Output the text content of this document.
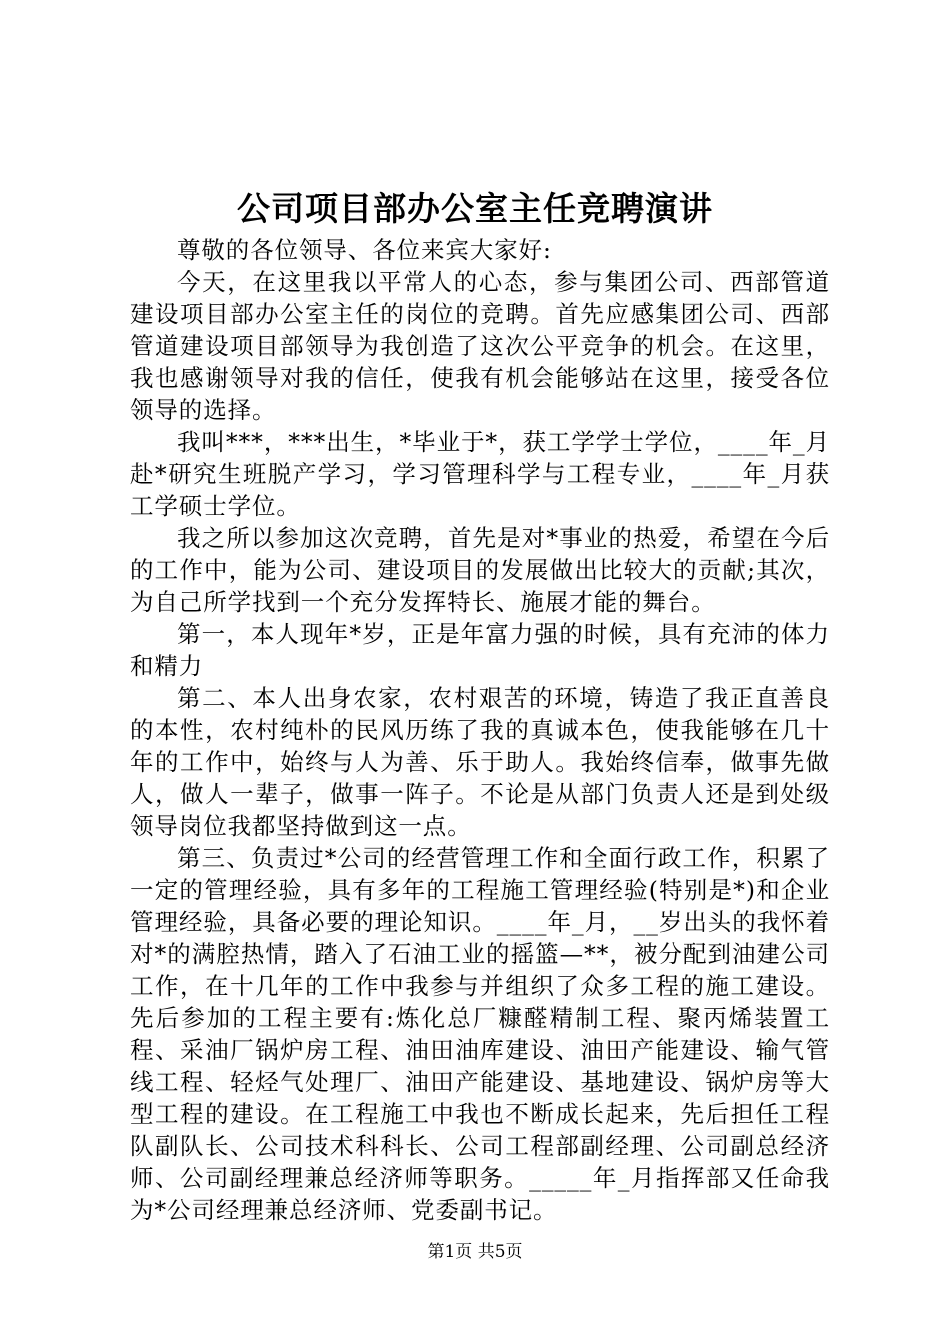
公司项目部办公室主任竞聘演讲

尊敬的各位领导、各位来宾大家好:

今天，在这里我以平常人的心态，参与集团公司、西部管道建设项目部办公室主任的岗位的竞聘。首先应感集团公司、西部管道建设项目部领导为我创造了这次公平竞争的机会。在这里，我也感谢领导对我的信任，使我有机会能够站在这里，接受各位领导的选择。

我叫***，***出生，*毕业于*，获工学学士学位，____年_月赴*研究生班脱产学习，学习管理科学与工程专业，____年_月获工学硕士学位。

我之所以参加这次竞聘，首先是对*事业的热爱，希望在今后的工作中，能为公司、建设项目的发展做出比较大的贡献;其次，为自己所学找到一个充分发挥特长、施展才能的舞台。

第一，本人现年*岁，正是年富力强的时候，具有充沛的体力和精力

第二、本人出身农家，农村艰苦的环境，铸造了我正直善良的本性，农村纯朴的民风历练了我的真诚本色，使我能够在几十年的工作中，始终与人为善、乐于助人。我始终信奉，做事先做人，做人一辈子，做事一阵子。不论是从部门负责人还是到处级领导岗位我都坚持做到这一点。

第三、负责过*公司的经营管理工作和全面行政工作，积累了一定的管理经验，具有多年的工程施工管理经验(特别是*)和企业管理经验，具备必要的理论知识。____年_月，__岁出头的我怀着对*的满腔热情，踏入了石油工业的摇篮—**，被分配到油建公司工作，在十几年的工作中我参与并组织了众多工程的施工建设。先后参加的工程主要有:炼化总厂糠醛精制工程、聚丙烯装置工程、采油厂锅炉房工程、油田油库建设、油田产能建设、输气管线工程、轻烃气处理厂、油田产能建设、基地建设、锅炉房等大型工程的建设。在工程施工中我也不断成长起来，先后担任工程队副队长、公司技术科科长、公司工程部副经理、公司副总经济师、公司副经理兼总经济师等职务。_____年_月指挥部又任命我为*公司经理兼总经济师、党委副书记。

第1页 共5页
